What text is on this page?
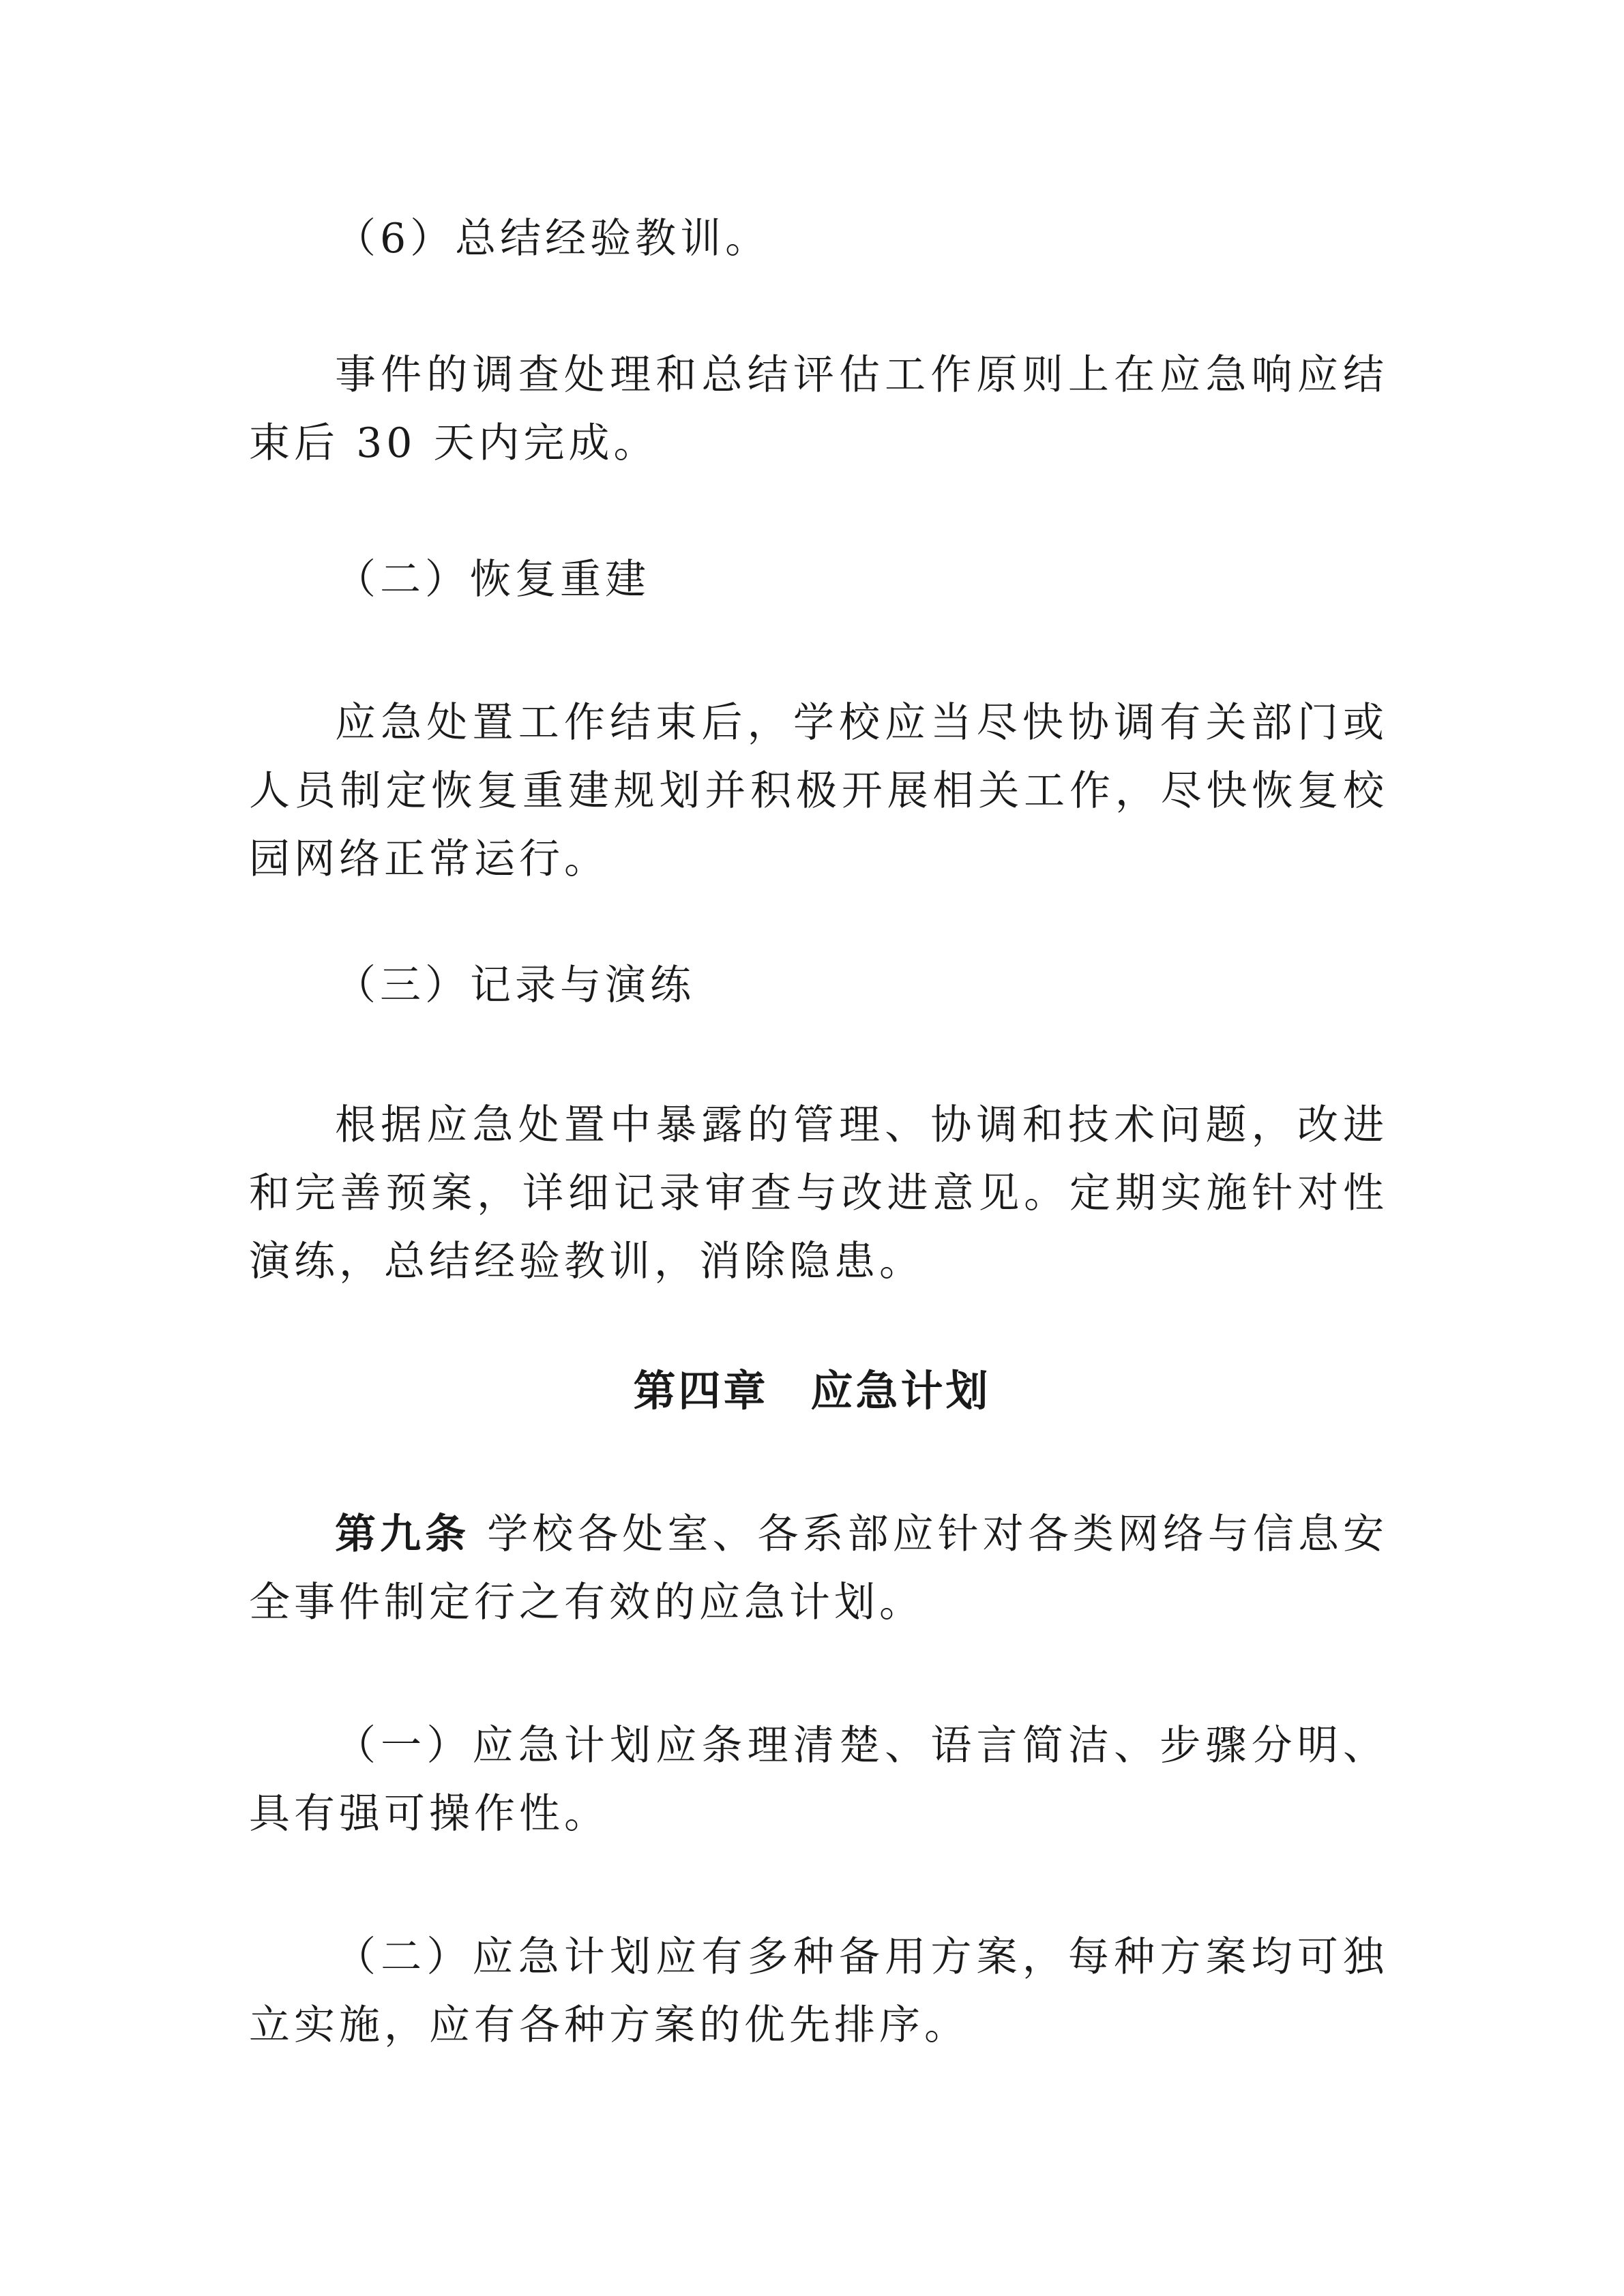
（6）总结经验教训。

事件的调查处理和总结评估工作原则上在应急响应结束后 30 天内完成。

（二）恢复重建

应急处置工作结束后，学校应当尽快协调有关部门或人员制定恢复重建规划并积极开展相关工作，尽快恢复校园网络正常运行。

（三）记录与演练

根据应急处置中暴露的管理、协调和技术问题，改进和完善预案，详细记录审查与改进意见。定期实施针对性演练，总结经验教训，消除隐患。

第四章 应急计划

第九条 学校各处室、各系部应针对各类网络与信息安全事件制定行之有效的应急计划。

（一）应急计划应条理清楚、语言简洁、步骤分明、具有强可操作性。

（二）应急计划应有多种备用方案，每种方案均可独立实施，应有各种方案的优先排序。
